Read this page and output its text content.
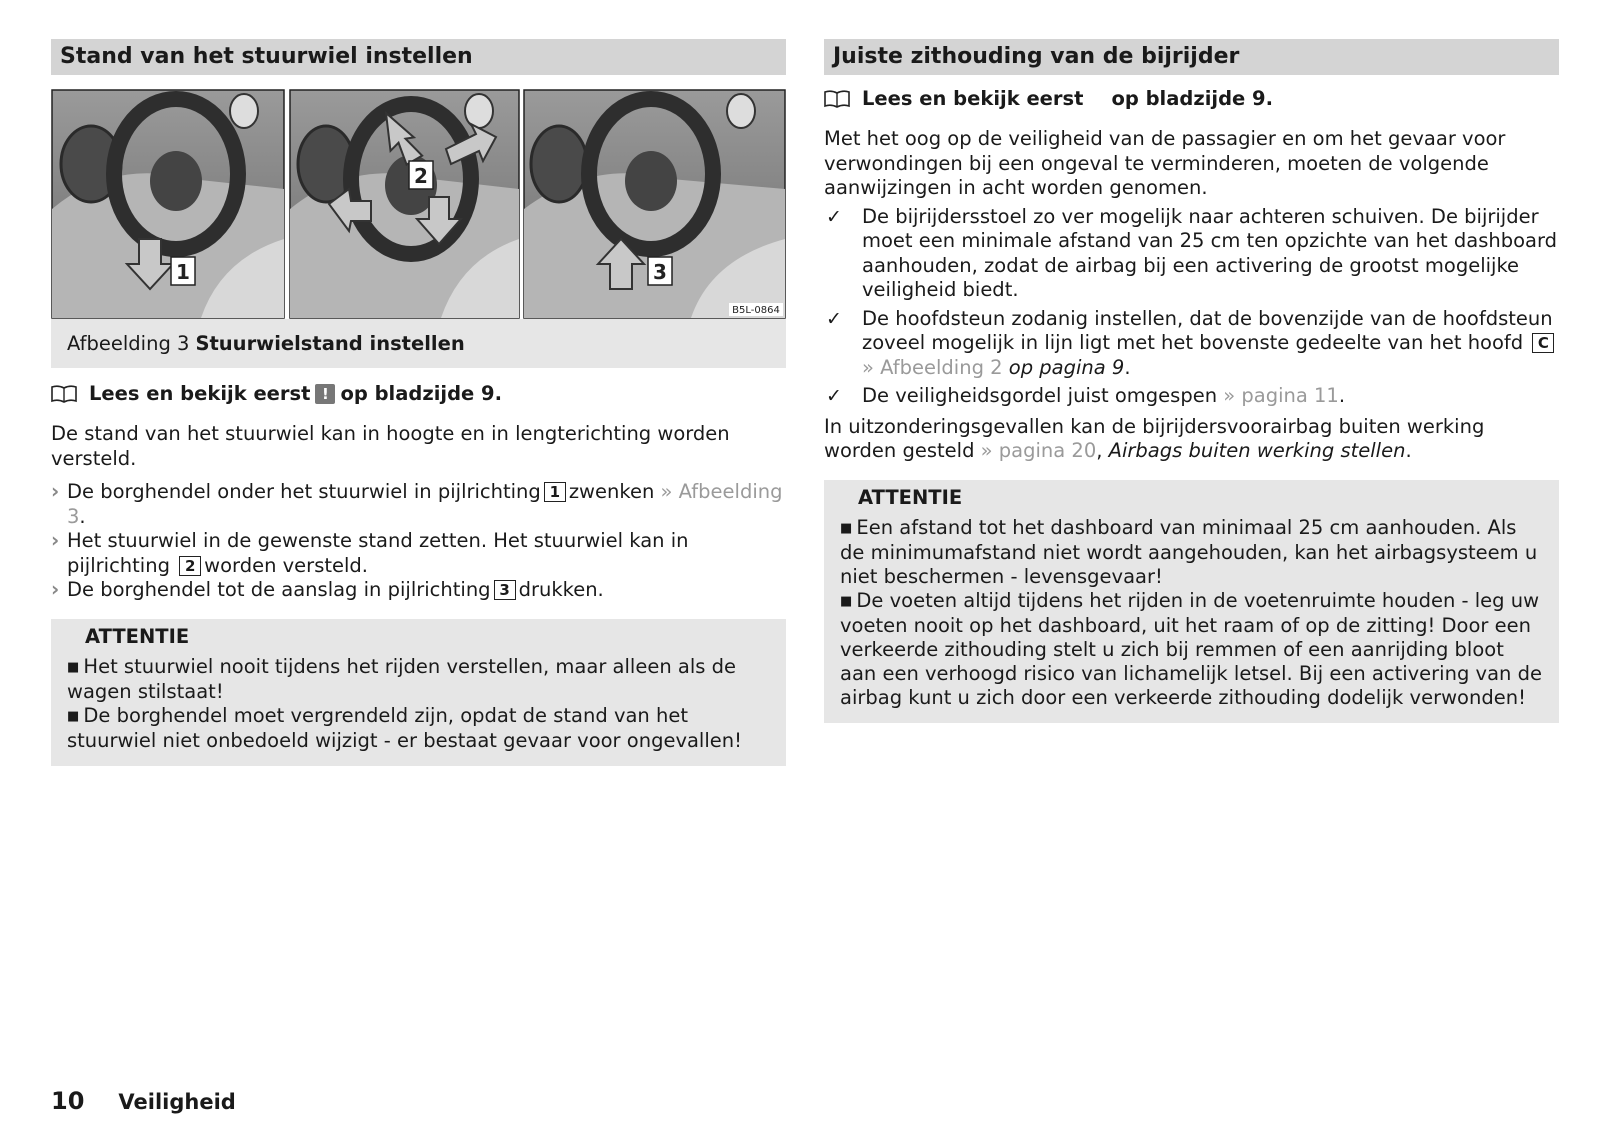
Stand van het stuurwiel instellen
1
2
3
B5L-0864
Afbeelding 3 Stuurwielstand instellen
Lees en bekijk eerst ! op bladzijde 9.

De stand van het stuurwiel kan in hoogte en in lengterichting worden versteld.

› De borghendel onder het stuurwiel in pijlrichting 1 zwenken » Afbeelding 3.
› Het stuurwiel in de gewenste stand zetten. Het stuurwiel kan in pijlrichting 2 worden versteld.
› De borghendel tot de aanslag in pijlrichting 3 drukken.
ATTENTIE

■ Het stuurwiel nooit tijdens het rijden verstellen, maar alleen als de wagen stilstaat!

■ De borghendel moet vergrendeld zijn, opdat de stand van het stuurwiel niet onbedoeld wijzigt - er bestaat gevaar voor ongevallen!

Juiste zithouding van de bijrijder
Lees en bekijk eerst op bladzijde 9.

Met het oog op de veiligheid van de passagier en om het gevaar voor verwondingen bij een ongeval te verminderen, moeten de volgende aanwijzingen in acht worden genomen.

✓ De bijrijdersstoel zo ver mogelijk naar achteren schuiven. De bijrijder moet een minimale afstand van 25 cm ten opzichte van het dashboard aanhouden, zodat de airbag bij een activering de grootst mogelijke veiligheid biedt.
✓ De hoofdsteun zodanig instellen, dat de bovenzijde van de hoofdsteun zoveel mogelijk in lijn ligt met het bovenste gedeelte van het hoofd C» Afbeelding 2 op pagina 9.
✓ De veiligheidsgordel juist omgespen » pagina 11.

In uitzonderingsgevallen kan de bijrijdersvoorairbag buiten werking worden gesteld » pagina 20, Airbags buiten werking stellen.

ATTENTIE

■ Een afstand tot het dashboard van minimaal 25 cm aanhouden. Als de minimumafstand niet wordt aangehouden, kan het airbagsysteem u niet beschermen - levensgevaar!

■ De voeten altijd tijdens het rijden in de voetenruimte houden - leg uw voeten nooit op het dashboard, uit het raam of op de zitting! Door een verkeerde zithouding stelt u zich bij remmen of een aanrijding bloot aan een verhoogd risico van lichamelijk letsel. Bij een activering van de airbag kunt u zich door een verkeerde zithouding dodelijk verwonden!

10 Veiligheid
